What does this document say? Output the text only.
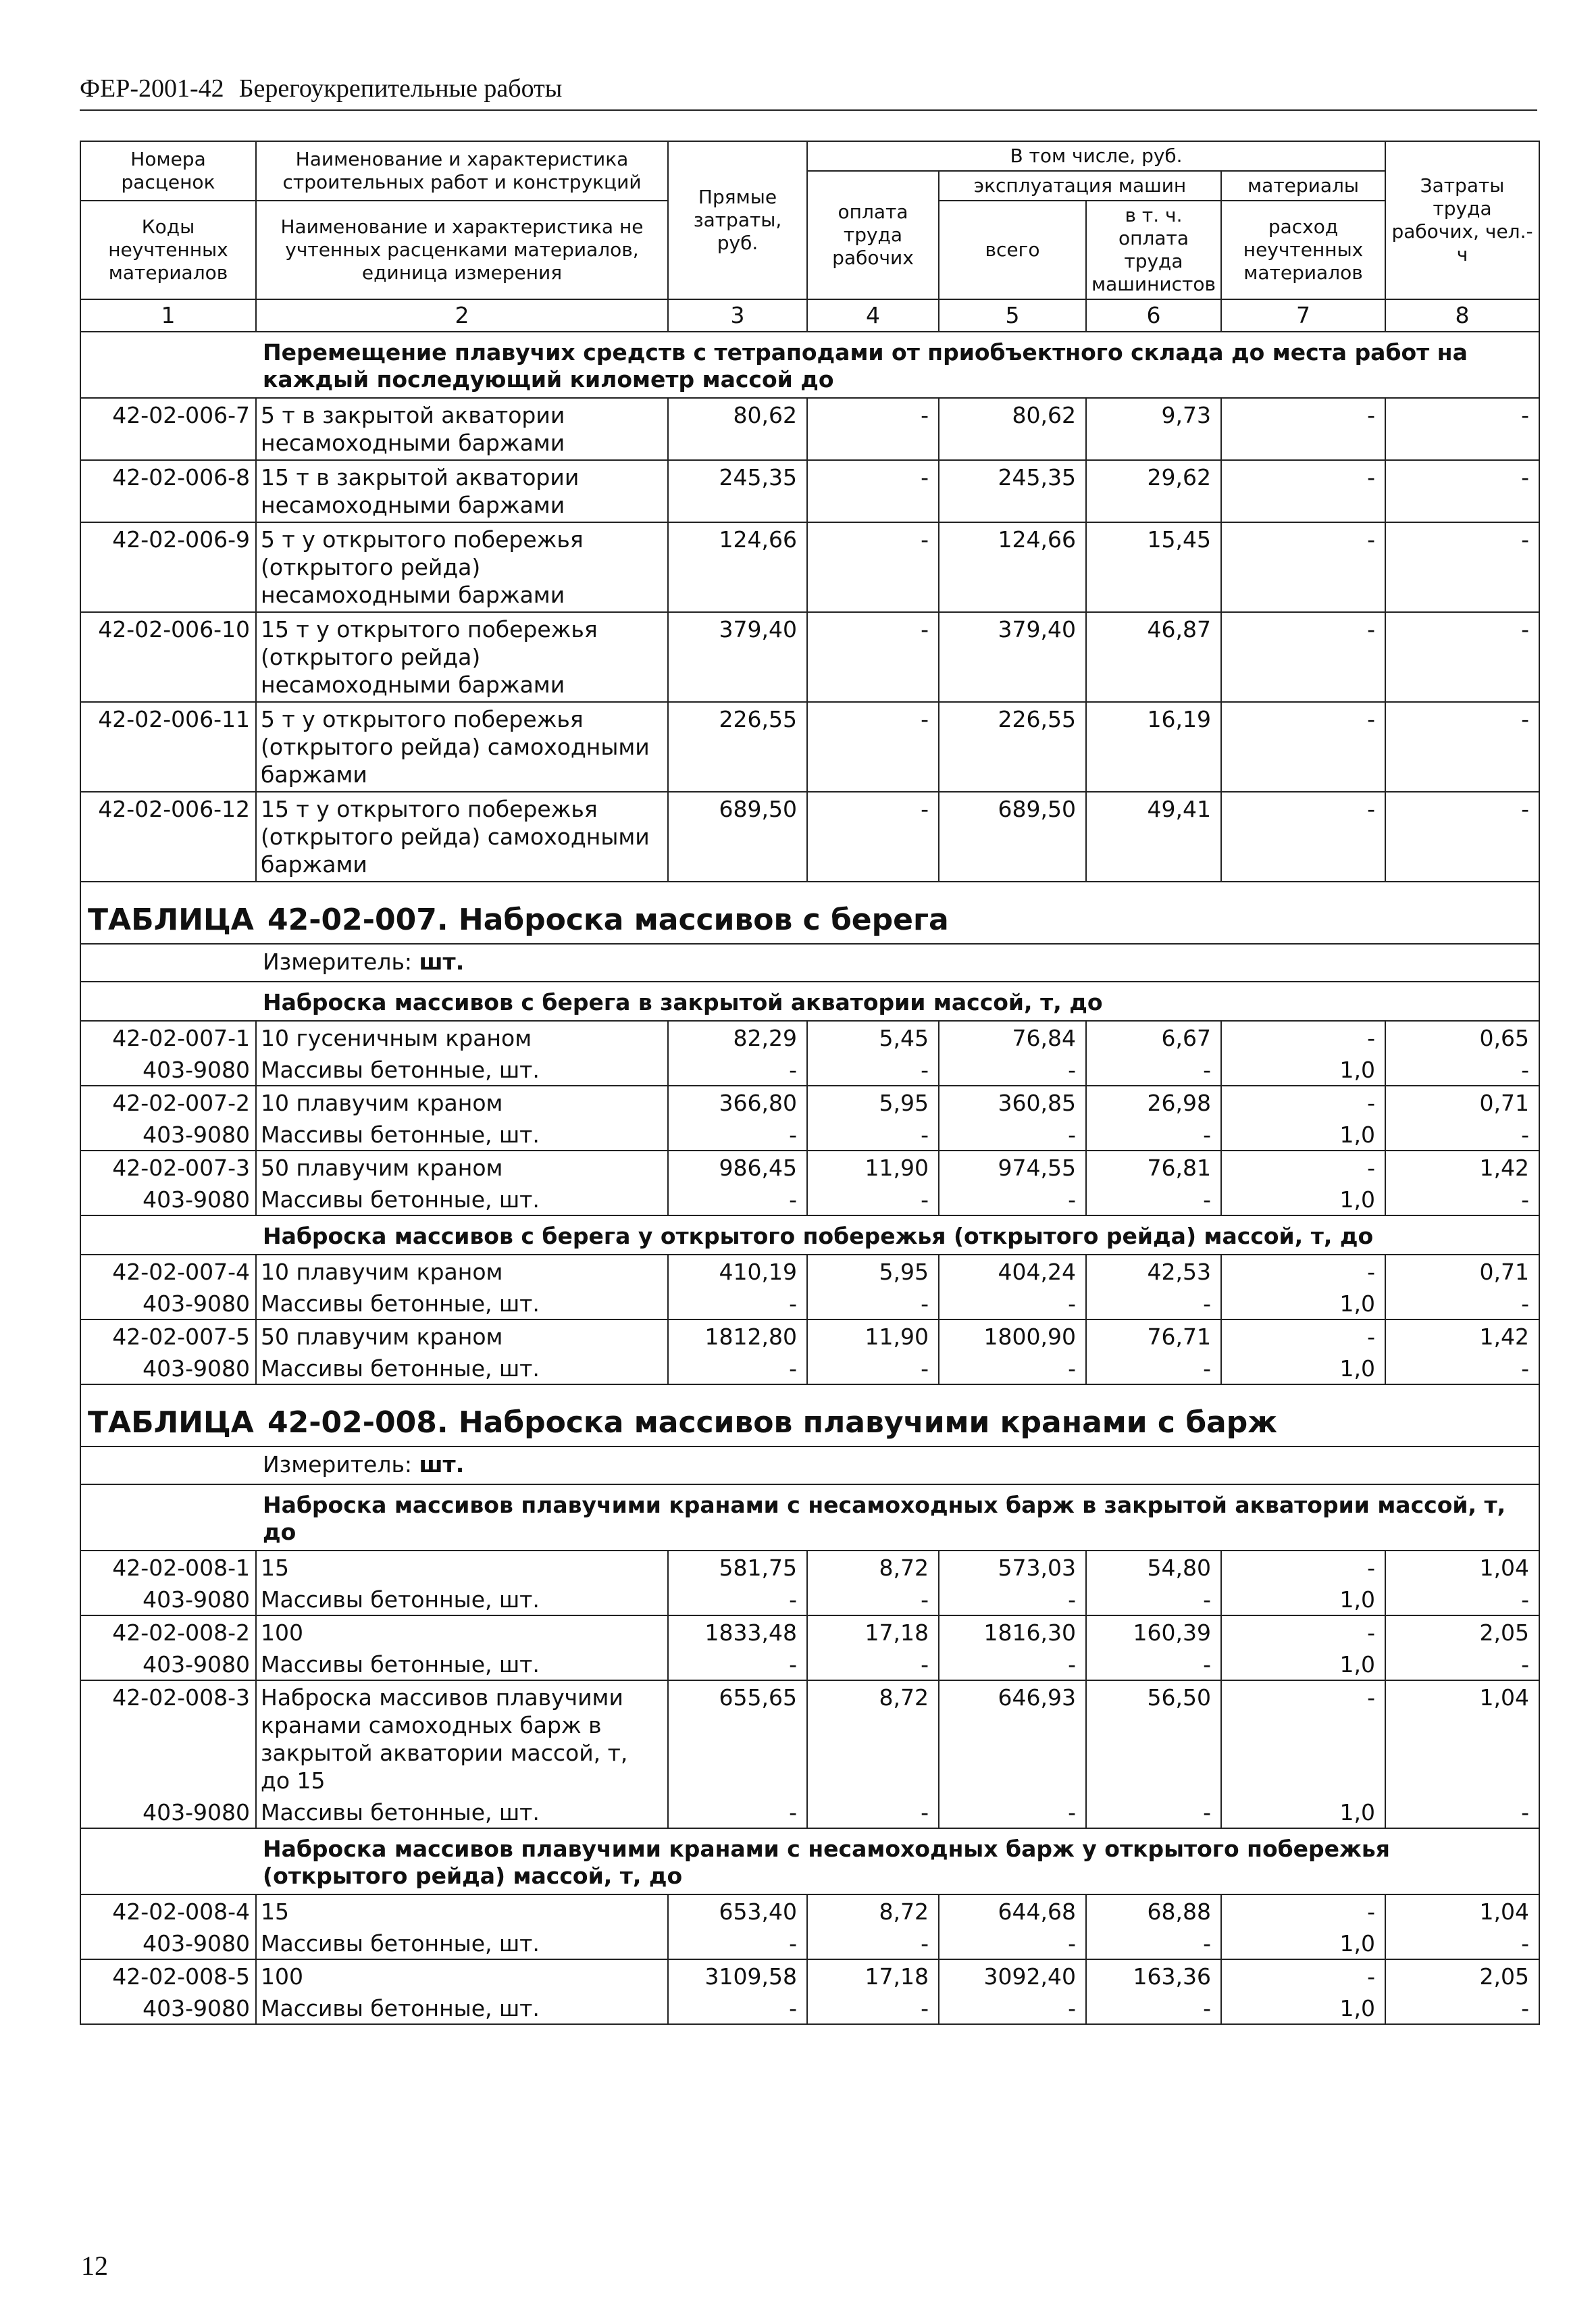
ФЕР-2001-42 Берегоукрепительные работы
Номера расценок	Наименование и характеристика строительных работ и конструкций	Прямые затраты, руб.	В том числе, руб.				Затраты труда рабочих, чел.-ч
			оплата труда рабочих	эксплуатация машин		материалы	
Коды неучтенных материалов	Наименование и характеристика не учтенных расценками материалов, единица измерения			всего	в т. ч. оплата труда машинистов	расход неучтенных материалов	

1	2	3	4	5	6	7	8
	Перемещение плавучих средств с тетраподами от приобъектного склада до места работ на каждый последующий километр массой до						
42-02-006-7	5 т в закрытой акватории несамоходными баржами	80,62	-	80,62	9,73	-	-
42-02-006-8	15 т в закрытой акватории несамоходными баржами	245,35	-	245,35	29,62	-	-
42-02-006-9	5 т у открытого побережья (открытого рейда) несамоходными баржами	124,66	-	124,66	15,45	-	-
42-02-006-10	15 т у открытого побережья (открытого рейда) несамоходными баржами	379,40	-	379,40	46,87	-	-
42-02-006-11	5 т у открытого побережья (открытого рейда) самоходными баржами	226,55	-	226,55	16,19	-	-
42-02-006-12	15 т у открытого побережья (открытого рейда) самоходными баржами	689,50	-	689,50	49,41	-	-
ТАБЛИЦА 42-02-007. Наброска массивов с берега							
	Измеритель: шт.						
	Наброска массивов с берега в закрытой акватории массой, т, до						
42-02-007-1	10 гусеничным краном	82,29	5,45	76,84	6,67	-	0,65
403-9080	Массивы бетонные, шт.	-	-	-	-	1,0	-
42-02-007-2	10 плавучим краном	366,80	5,95	360,85	26,98	-	0,71
403-9080	Массивы бетонные, шт.	-	-	-	-	1,0	-
42-02-007-3	50 плавучим краном	986,45	11,90	974,55	76,81	-	1,42
403-9080	Массивы бетонные, шт.	-	-	-	-	1,0	-
	Наброска массивов с берега у открытого побережья (открытого рейда) массой, т, до						
42-02-007-4	10 плавучим краном	410,19	5,95	404,24	42,53	-	0,71
403-9080	Массивы бетонные, шт.	-	-	-	-	1,0	-
42-02-007-5	50 плавучим краном	1812,80	11,90	1800,90	76,71	-	1,42
403-9080	Массивы бетонные, шт.	-	-	-	-	1,0	-
ТАБЛИЦА 42-02-008. Наброска массивов плавучими кранами с барж							
	Измеритель: шт.						
	Наброска массивов плавучими кранами с несамоходных барж в закрытой акватории массой, т, до						
42-02-008-1	15	581,75	8,72	573,03	54,80	-	1,04
403-9080	Массивы бетонные, шт.	-	-	-	-	1,0	-
42-02-008-2	100	1833,48	17,18	1816,30	160,39	-	2,05
403-9080	Массивы бетонные, шт.	-	-	-	-	1,0	-
42-02-008-3	Наброска массивов плавучими кранами самоходных барж в закрытой акватории массой, т, до 15	655,65	8,72	646,93	56,50	-	1,04
403-9080	Массивы бетонные, шт.	-	-	-	-	1,0	-
	Наброска массивов плавучими кранами с несамоходных барж у открытого побережья (открытого рейда) массой, т, до						
42-02-008-4	15	653,40	8,72	644,68	68,88	-	1,04
403-9080	Массивы бетонные, шт.	-	-	-	-	1,0	-
42-02-008-5	100	3109,58	17,18	3092,40	163,36	-	2,05
403-9080	Массивы бетонные, шт.	-	-	-	-	1,0	-
12
